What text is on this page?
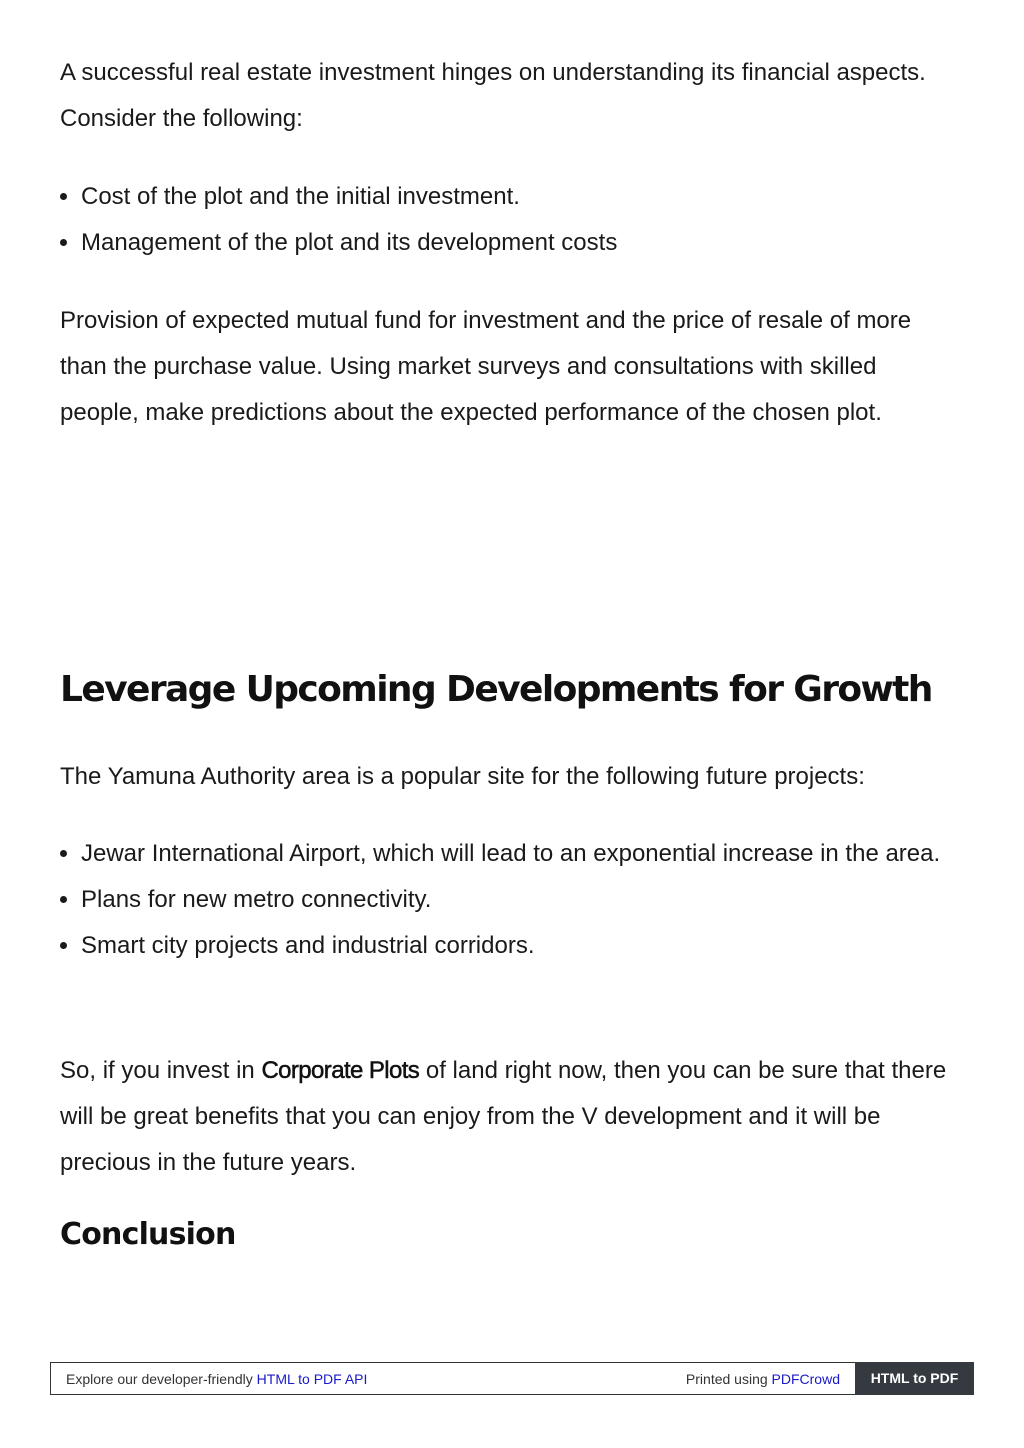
A successful real estate investment hinges on understanding its financial aspects. Consider the following:

• Cost of the plot and the initial investment.
• Management of the plot and its development costs

Provision of expected mutual fund for investment and the price of resale of more than the purchase value. Using market surveys and consultations with skilled people, make predictions about the expected performance of the chosen plot.

Leverage Upcoming Developments for Growth

The Yamuna Authority area is a popular site for the following future projects:

• Jewar International Airport, which will lead to an exponential increase in the area.
• Plans for new metro connectivity.
• Smart city projects and industrial corridors.

So, if you invest in Corporate Plots of land right now, then you can be sure that there will be great benefits that you can enjoy from the V development and it will be precious in the future years.

Conclusion
Explore our developer-friendly HTML to PDF API	Printed using PDFCrowd	HTML to PDF
